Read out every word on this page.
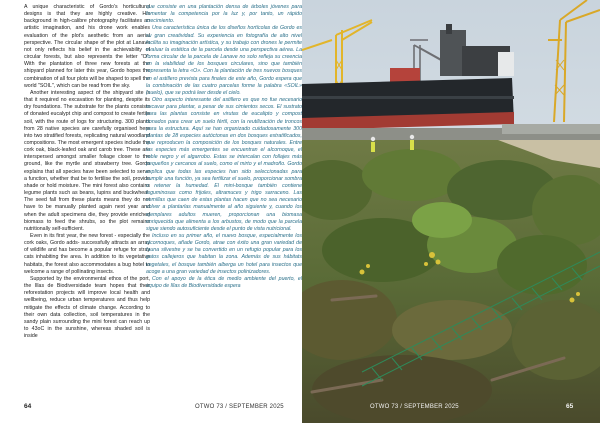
A unique characteristic of Gordo's horticultural designs is that they are highly creative. His background in high-calibre photography facilitates an artistic imagination, and his drone work enables evaluation of the plot's aesthetic from an aerial perspective. The circular shape of the plot at Lanave not only reflects his belief in the achievability of circular forests, but also represents the letter "O". With the plantation of three new forests at the shipyard planned for later this year, Gordo hopes the combination of all four plots will be shaped to spell the world "SOIL", which can be read from the sky.

Another interesting aspect of the shipyard site is that it required no excavation for planting, despite its dry foundations. The substrate for the plants consists of donated eucalypt chip and compost to create fertile soil, with the route of logs for structuring. 300 plants from 28 native species are carefully organised here into two stratified forests, replicating natural woodland compositions. The most emergent species include the cork oak, black-leafed oak and carob tree. These are interspersed amongst smaller foliage closer to the ground, like the myrtle and strawberry tree. Gordo explains that all species have been selected to serve a function, whether that be to fertilise the soil, provide shade or hold moisture. The mini forest also contains legume plants such as beans, lupins and buckwheat. The seed fall from these plants means they do not have to be manually planted again next year and when the adult specimens die, they provide enriched biomass to feed the shrubs, so the plot remains nutritionally self-sufficient.

Even in its first year, the new forest - especially the cork oaks, Gordo adds- successfully attracts an array of wildlife and has become a popular refuge for stray cats inhabiting the area. In addition to its vegetative habitats, the forest also accommodates a bug hotel to welcome a range of pollinating insects.

Supported by the environmental ethos of the port, the Illas de Biodiversidade team hopes that their reforestation projects will improve local health and wellbeing, reduce urban temperatures and thus help mitigate the effects of climate change. According to their own data collection, soil temperatures in the sandy plain surrounding the mini forest can reach up to 43oC in the sunshine, whereas shaded soil is inside

que consiste en una plantación densa de árboles jóvenes para fomentar la competencia por la luz y, por tanto, un rápido crecimiento.

Una característica única de los diseños hortícolas de Gordo es su gran creatividad. Su experiencia en fotografía de alto nivel facilita su imaginación artística, y su trabajo con drones le permite evaluar la estética de la parcela desde una perspectiva aérea. La forma circular de la parcela de Lanave no solo refleja su creencia en la viabilidad de los bosques circulares, sino que también representa la letra «O». Con la plantación de tres nuevos bosques en el astillero prevista para finales de este año, Gordo espera que la combinación de las cuatro parcelas forme la palabra «SOIL» (suelo), que se podrá leer desde el cielo.

Otro aspecto interesante del astillero es que no fue necesario excavar para plantar, a pesar de sus cimientos secos. El sustrato para las plantas consiste en virutas de eucalipto y compost donados para crear un suelo fértil, con la reutilización de troncos para la estructura. Aquí se han organizado cuidadosamente 300 plantas de 28 especies autóctonas en dos bosques estratificados, que reproducen la composición de los bosques naturales. Entre las especies más emergentes se encuentran el alcornoque, el roble negro y el algarrobo. Estas se intercalan con follajes más pequeños y cercanos al suelo, como el mirto y el madroño. Gordo explica que todas las especies han sido seleccionadas para cumplir una función, ya sea fertilizar el suelo, proporcionar sombra o retener la humedad. El mini-bosque también contiene leguminosas como frijoles, altramuces y trigo sarraceno. Las semillas que caen de estas plantas hacen que no sea necesario volver a plantarlas manualmente al año siguiente y, cuando los ejemplares adultos mueren, proporcionan una biomasa enriquecida que alimenta a los arbustos, de modo que la parcela sigue siendo autosuficiente desde el punto de vista nutricional.

Incluso en su primer año, el nuevo bosque, especialmente los alcornoques, añade Gordo, atrae con éxito una gran variedad de fauna silvestre y se ha convertido en un refugio popular para los gatos callejeros que habitan la zona. Además de sus hábitats vegetales, el bosque también alberga un hotel para insectos que acoge a una gran variedad de insectos polinizadores.

Con el apoyo de la ética de medio ambiente del puerto, el equipo de Illas de Biodiversidade espera

64	OTWO 73 / SEPTEMBER 2025	OTWO 73 / SEPTEMBER 2025	65
